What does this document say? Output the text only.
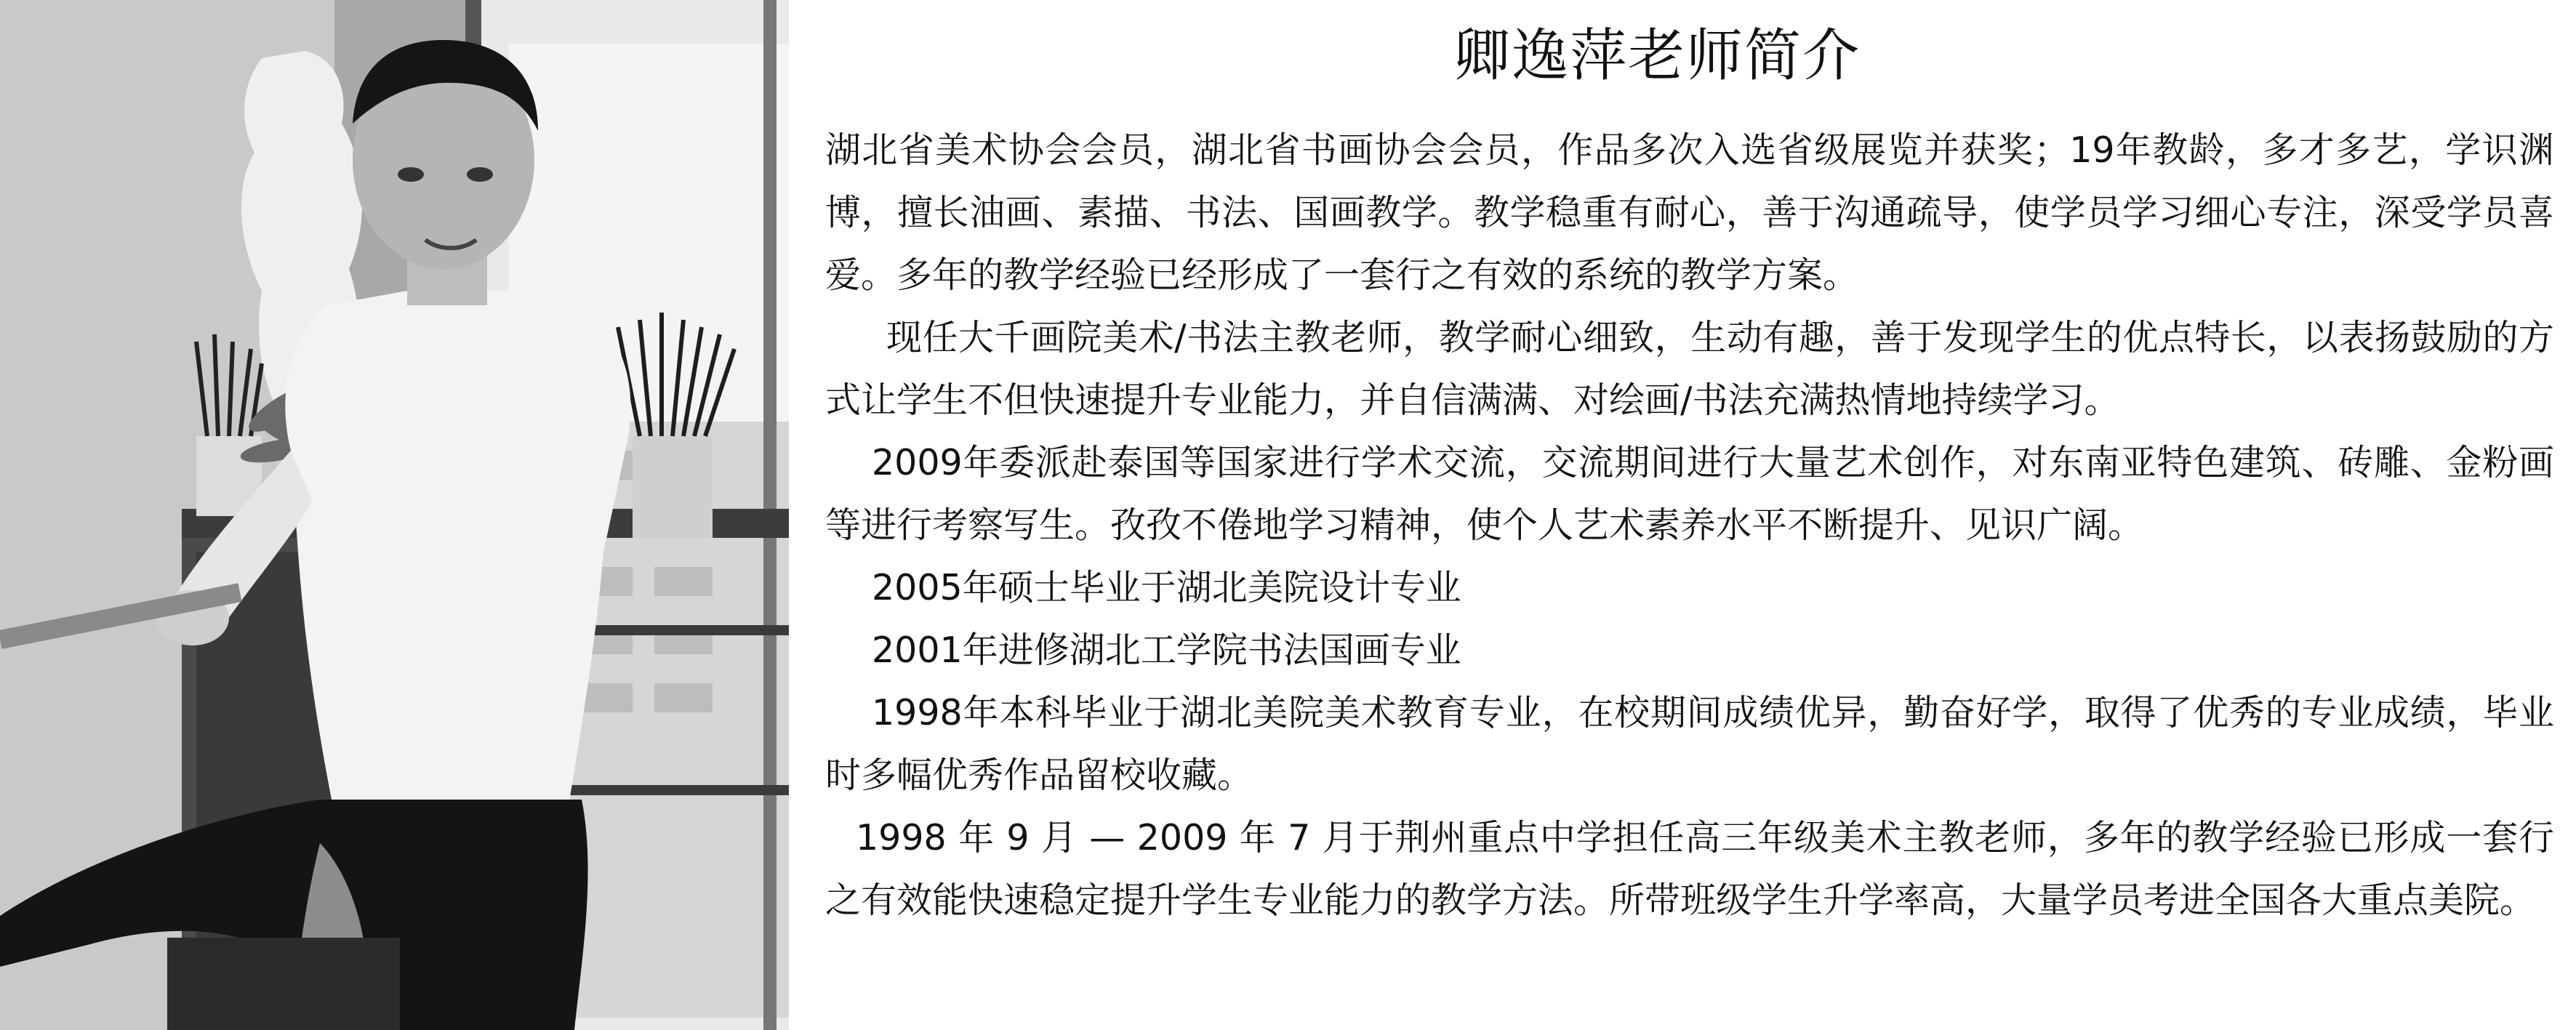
卿逸萍老师简介

湖北省美术协会会员，湖北省书画协会会员，作品多次入选省级展览并获奖；19年教龄，多才多艺，学识渊博，擅长油画、素描、书法、国画教学。教学稳重有耐心，善于沟通疏导，使学员学习细心专注，深受学员喜爱。多年的教学经验已经形成了一套行之有效的系统的教学方案。

现任大千画院美术/书法主教老师，教学耐心细致，生动有趣，善于发现学生的优点特长，以表扬鼓励的方式让学生不但快速提升专业能力，并自信满满、对绘画/书法充满热情地持续学习。

2009年委派赴泰国等国家进行学术交流，交流期间进行大量艺术创作，对东南亚特色建筑、砖雕、金粉画等进行考察写生。孜孜不倦地学习精神，使个人艺术素养水平不断提升、见识广阔。

2005年硕士毕业于湖北美院设计专业

2001年进修湖北工学院书法国画专业

1998年本科毕业于湖北美院美术教育专业，在校期间成绩优异，勤奋好学，取得了优秀的专业成绩，毕业时多幅优秀作品留校收藏。

1998 年 9 月 — 2009 年 7 月于荆州重点中学担任高三年级美术主教老师，多年的教学经验已形成一套行之有效能快速稳定提升学生专业能力的教学方法。所带班级学生升学率高，大量学员考进全国各大重点美院。
